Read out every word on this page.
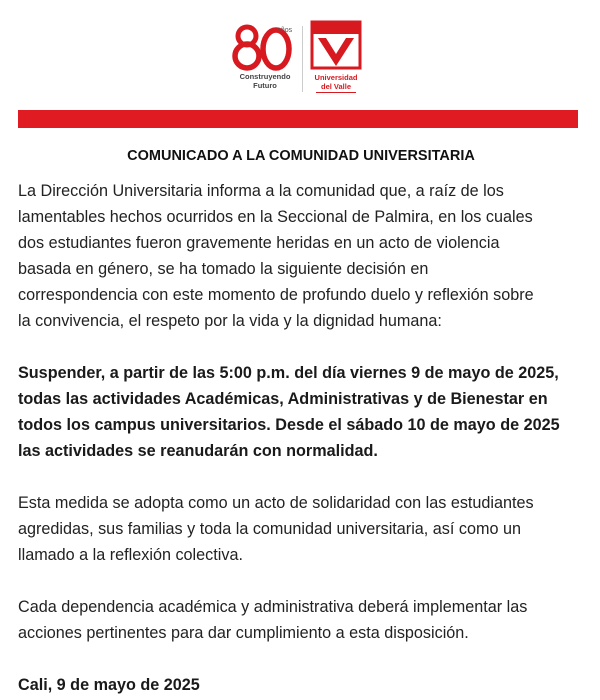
años
Construyendo
Futuro
Universidad
del Valle
COMUNICADO A LA COMUNIDAD UNIVERSITARIA

La Dirección Universitaria informa a la comunidad que, a raíz de los
lamentables hechos ocurridos en la Seccional de Palmira, en los cuales
dos estudiantes fueron gravemente heridas en un acto de violencia
basada en género, se ha tomado la siguiente decisión en
correspondencia con este momento de profundo duelo y reflexión sobre
la convivencia, el respeto por la vida y la dignidad humana:

Suspender, a partir de las 5:00 p.m. del día viernes 9 de mayo de 2025,
todas las actividades Académicas, Administrativas y de Bienestar en
todos los campus universitarios. Desde el sábado 10 de mayo de 2025
las actividades se reanudarán con normalidad.

Esta medida se adopta como un acto de solidaridad con las estudiantes
agredidas, sus familias y toda la comunidad universitaria, así como un
llamado a la reflexión colectiva.

Cada dependencia académica y administrativa deberá implementar las
acciones pertinentes para dar cumplimiento a esta disposición.

Cali, 9 de mayo de 2025
